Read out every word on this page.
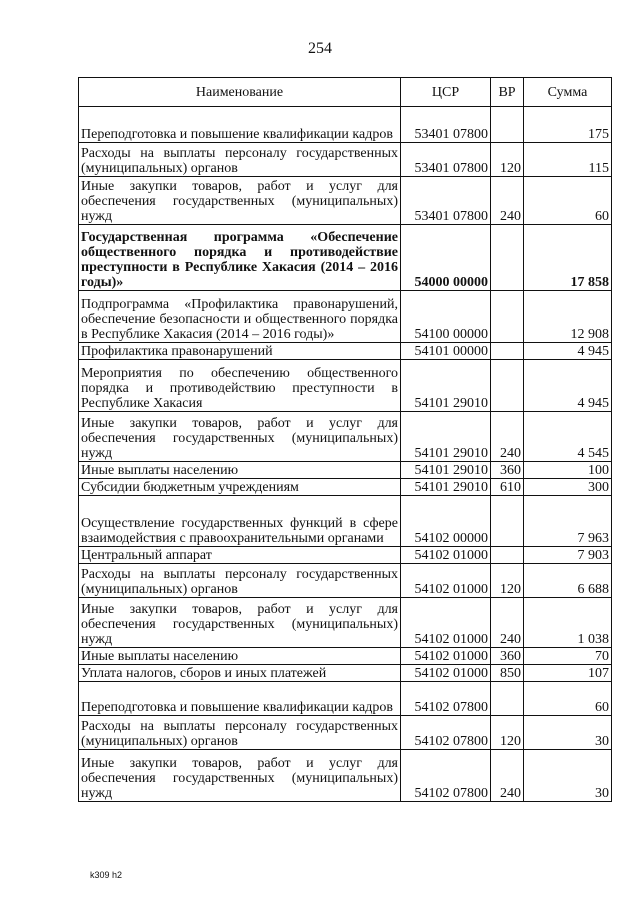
254
Наименование	ЦСР	ВР	Сумма
Переподготовка и повышение квалификации кадров	53401 07800		175
Расходы на выплаты персоналу государственных (муниципальных) органов	53401 07800	120	115
Иные закупки товаров, работ и услуг для обеспечения государственных (муниципальных) нужд	53401 07800	240	60
Государственная программа «Обеспечение общественного порядка и противодействие преступности в Республике Хакасия (2014 – 2016 годы)»	54000 00000		17 858
Подпрограмма «Профилактика правонарушений, обеспечение безопасности и общественного порядка в Республике Хакасия (2014 – 2016 годы)»	54100 00000		12 908
Профилактика правонарушений	54101 00000		4 945
Мероприятия по обеспечению общественного порядка и противодействию преступности в Республике Хакасия	54101 29010		4 945
Иные закупки товаров, работ и услуг для обеспечения государственных (муниципальных) нужд	54101 29010	240	4 545
Иные выплаты населению	54101 29010	360	100
Субсидии бюджетным учреждениям	54101 29010	610	300
Осуществление государственных функций в сфере взаимодействия с правоохранительными органами	54102 00000		7 963
Центральный аппарат	54102 01000		7 903
Расходы на выплаты персоналу государственных (муниципальных) органов	54102 01000	120	6 688
Иные закупки товаров, работ и услуг для обеспечения государственных (муниципальных) нужд	54102 01000	240	1 038
Иные выплаты населению	54102 01000	360	70
Уплата налогов, сборов и иных платежей	54102 01000	850	107
Переподготовка и повышение квалификации кадров	54102 07800		60
Расходы на выплаты персоналу государственных (муниципальных) органов	54102 07800	120	30
Иные закупки товаров, работ и услуг для обеспечения государственных (муниципальных) нужд	54102 07800	240	30
k309 h2
